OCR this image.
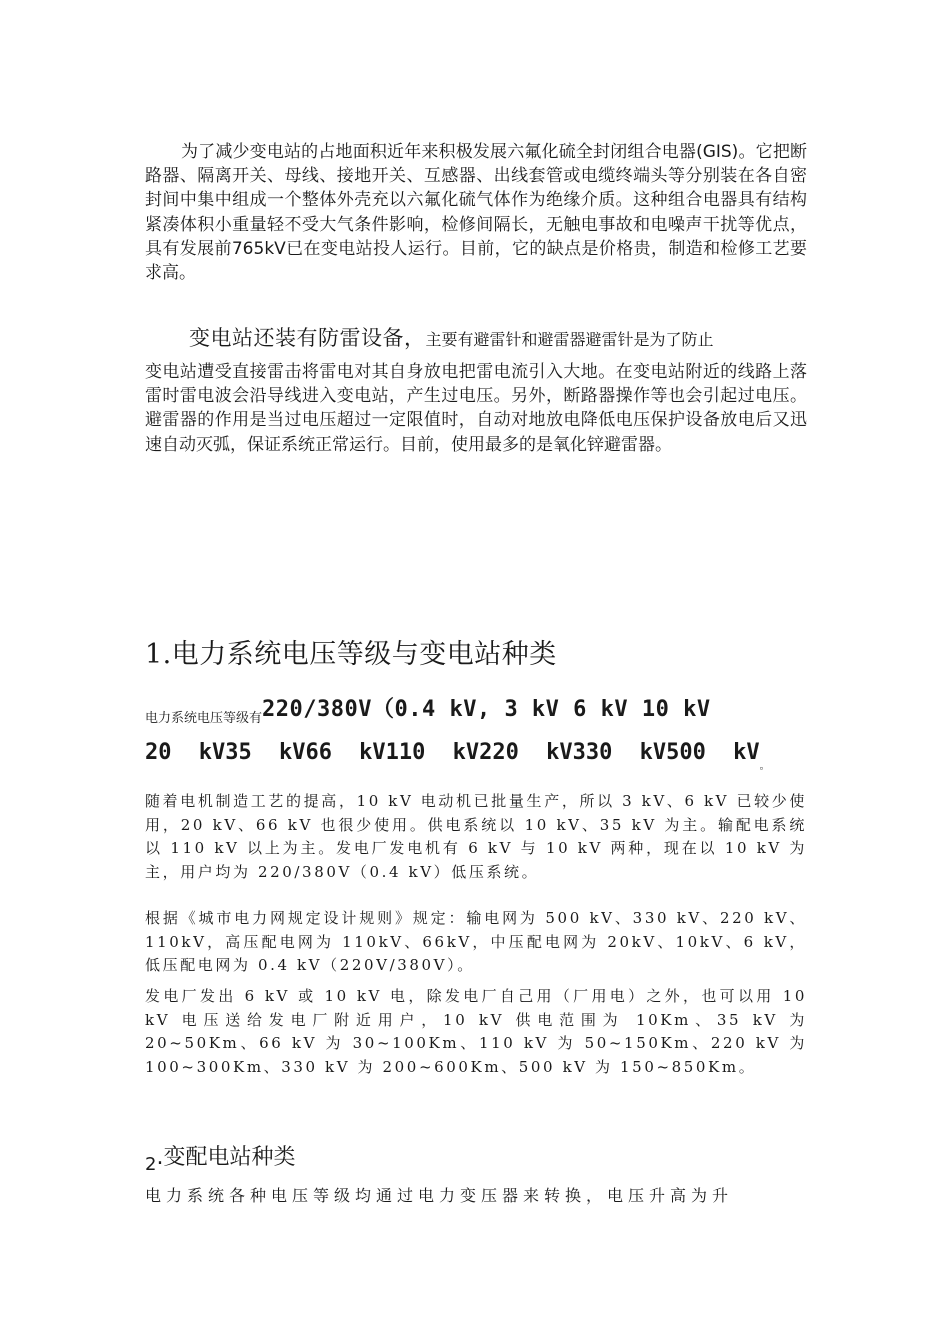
为了减少变电站的占地面积近年来积极发展六氟化硫全封闭组合电器(GIS)。它把断路器、隔离开关、母线、接地开关、互感器、出线套管或电缆终端头等分别装在各自密封间中集中组成一个整体外壳充以六氟化硫气体作为绝缘介质。这种组合电器具有结构紧凑体积小重量轻不受大气条件影响，检修间隔长，无触电事故和电噪声干扰等优点，具有发展前765kV已在变电站投人运行。目前，它的缺点是价格贵，制造和检修工艺要求高。

变电站还装有防雷设备，主要有避雷针和避雷器避雷针是为了防止
变电站遭受直接雷击将雷电对其自身放电把雷电流引入大地。在变电站附近的线路上落雷时雷电波会沿导线进入变电站，产生过电压。另外，断路器操作等也会引起过电压。避雷器的作用是当过电压超过一定限值时，自动对地放电降低电压保护设备放电后又迅速自动灭弧，保证系统正常运行。目前，使用最多的是氧化锌避雷器。
1.电力系统电压等级与变电站种类
$_{电力系统电压等级有}$220/380V（0.4 kV, 3 kV 6 kV 10 kV
20 kV35 kV66 kV110 kV220 kV330 kV500 $kV_。$

随着电机制造工艺的提高，10 kV 电动机已批量生产，所以 3 kV、6 kV 已较少使用，20 kV、66 kV 也很少使用。供电系统以 10 kV、35 kV 为主。输配电系统以 110 kV 以上为主。发电厂发电机有 6 kV 与 10 kV 两种，现在以 10 kV 为主，用户均为 220/380V（0.4 kV）低压系统。

根据《城市电力网规定设计规则》规定：输电网为 500 kV、330 kV、220 kV、110kV，高压配电网为 110kV、66kV，中压配电网为 20kV、10kV、6 kV，低压配电网为 0.4 kV（220V/380V）。

发电厂发出 6 kV 或 10 kV 电，除发电厂自己用（厂用电）之外，也可以用 10 kV 电压送给发电厂附近用户，10 kV 供电范围为 10Km、35 kV 为 20~50Km、66 kV 为 30~100Km、110 kV 为 50~150Km、220 kV 为 100~300Km、330 kV 为 200~600Km、500 kV 为 150~850Km。

$_2$.变配电站种类

电力系统各种电压等级均通过电力变压器来转换，电压升高为升
